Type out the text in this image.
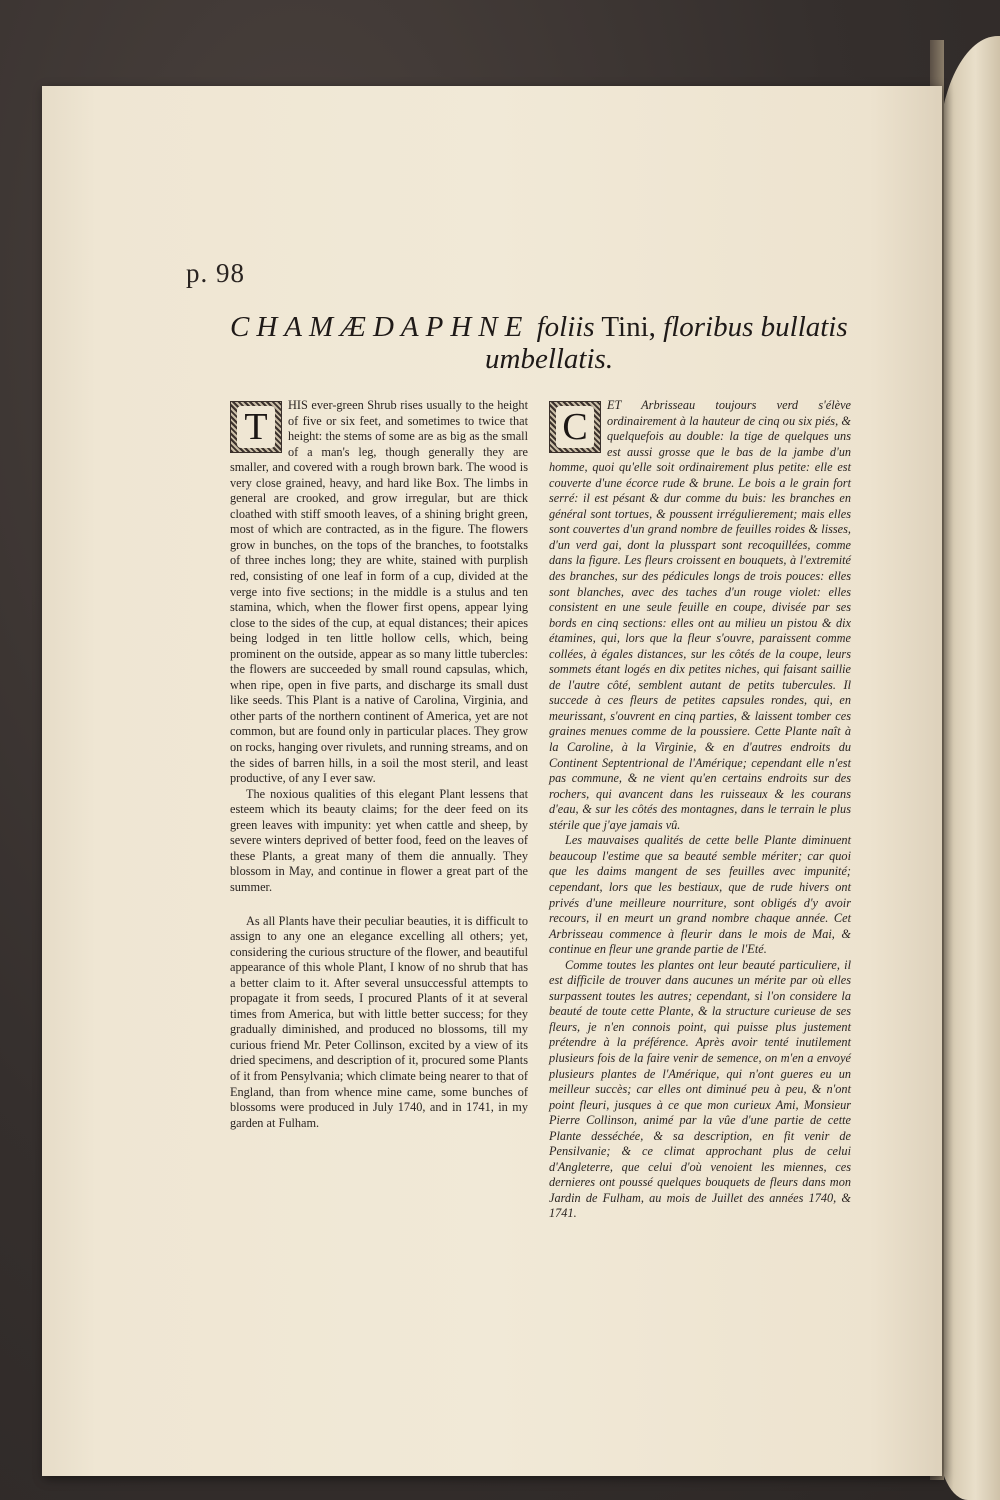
p. 98
CHAMÆDAPHNE foliis Tini, floribus bullatis
umbellatis.
T

HIS ever-green Shrub rises usually to the height of five or six feet, and sometimes to twice that height: the stems of some are as big as the small of a man's leg, though generally they are smaller, and covered with a rough brown bark. The wood is very close grained, heavy, and hard like Box. The limbs in general are crooked, and grow irregular, but are thick cloathed with stiff smooth leaves, of a shining bright green, most of which are contracted, as in the figure. The flowers grow in bunches, on the tops of the branches, to footstalks of three inches long; they are white, stained with purplish red, consisting of one leaf in form of a cup, divided at the verge into five sections; in the middle is a stulus and ten stamina, which, when the flower first opens, appear lying close to the sides of the cup, at equal distances; their apices being lodged in ten little hollow cells, which, being prominent on the outside, appear as so many little tubercles: the flowers are succeeded by small round capsulas, which, when ripe, open in five parts, and discharge its small dust like seeds. This Plant is a native of Carolina, Virginia, and other parts of the northern continent of America, yet are not common, but are found only in particular places. They grow on rocks, hanging over rivulets, and running streams, and on the sides of barren hills, in a soil the most steril, and least productive, of any I ever saw.

The noxious qualities of this elegant Plant lessens that esteem which its beauty claims; for the deer feed on its green leaves with impunity: yet when cattle and sheep, by severe winters deprived of better food, feed on the leaves of these Plants, a great many of them die annually. They blossom in May, and continue in flower a great part of the summer.

As all Plants have their peculiar beauties, it is difficult to assign to any one an elegance excelling all others; yet, considering the curious structure of the flower, and beautiful appearance of this whole Plant, I know of no shrub that has a better claim to it. After several unsuccessful attempts to propagate it from seeds, I procured Plants of it at several times from America, but with little better success; for they gradually diminished, and produced no blossoms, till my curious friend Mr. Peter Collinson, excited by a view of its dried specimens, and description of it, procured some Plants of it from Pensylvania; which climate being nearer to that of England, than from whence mine came, some bunches of blossoms were produced in July 1740, and in 1741, in my garden at Fulham.

C

ET Arbrisseau toujours verd s'élève ordinairement à la hauteur de cinq ou six piés, & quelquefois au double: la tige de quelques uns est aussi grosse que le bas de la jambe d'un homme, quoi qu'elle soit ordinairement plus petite: elle est couverte d'une écorce rude & brune. Le bois a le grain fort serré: il est pésant & dur comme du buis: les branches en général sont tortues, & poussent irrégulierement; mais elles sont couvertes d'un grand nombre de feuilles roides & lisses, d'un verd gai, dont la plusspart sont recoquillées, comme dans la figure. Les fleurs croissent en bouquets, à l'extremité des branches, sur des pédicules longs de trois pouces: elles sont blanches, avec des taches d'un rouge violet: elles consistent en une seule feuille en coupe, divisée par ses bords en cinq sections: elles ont au milieu un pistou & dix étamines, qui, lors que la fleur s'ouvre, paraissent comme collées, à égales distances, sur les côtés de la coupe, leurs sommets étant logés en dix petites niches, qui faisant saillie de l'autre côté, semblent autant de petits tubercules. Il succede à ces fleurs de petites capsules rondes, qui, en meurissant, s'ouvrent en cinq parties, & laissent tomber ces graines menues comme de la poussiere. Cette Plante naît à la Caroline, à la Virginie, & en d'autres endroits du Continent Septentrional de l'Amérique; cependant elle n'est pas commune, & ne vient qu'en certains endroits sur des rochers, qui avancent dans les ruisseaux & les courans d'eau, & sur les côtés des montagnes, dans le terrain le plus stérile que j'aye jamais vû.

Les mauvaises qualités de cette belle Plante diminuent beaucoup l'estime que sa beauté semble mériter; car quoi que les daims mangent de ses feuilles avec impunité; cependant, lors que les bestiaux, que de rude hivers ont privés d'une meilleure nourriture, sont obligés d'y avoir recours, il en meurt un grand nombre chaque année. Cet Arbrisseau commence à fleurir dans le mois de Mai, & continue en fleur une grande partie de l'Eté.

Comme toutes les plantes ont leur beauté particuliere, il est difficile de trouver dans aucunes un mérite par où elles surpassent toutes les autres; cependant, si l'on considere la beauté de toute cette Plante, & la structure curieuse de ses fleurs, je n'en connois point, qui puisse plus justement prétendre à la préférence. Après avoir tenté inutilement plusieurs fois de la faire venir de semence, on m'en a envoyé plusieurs plantes de l'Amérique, qui n'ont gueres eu un meilleur succès; car elles ont diminué peu à peu, & n'ont point fleuri, jusques à ce que mon curieux Ami, Monsieur Pierre Collinson, animé par la vûe d'une partie de cette Plante desséchée, & sa description, en fit venir de Pensilvanie; & ce climat approchant plus de celui d'Angleterre, que celui d'où venoient les miennes, ces dernieres ont poussé quelques bouquets de fleurs dans mon Jardin de Fulham, au mois de Juillet des années 1740, & 1741.
